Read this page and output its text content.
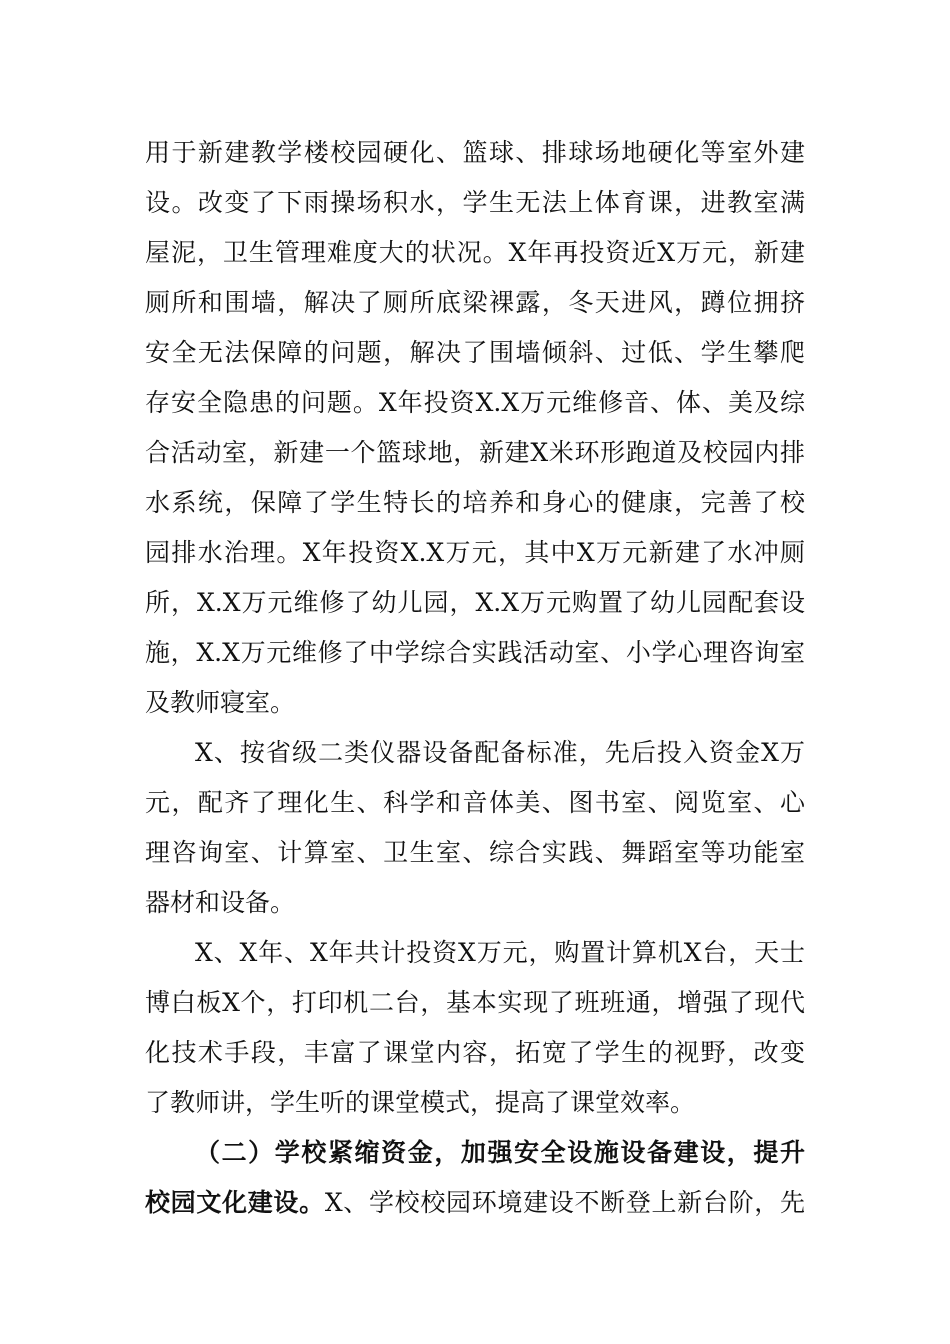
用于新建教学楼校园硬化、篮球、排球场地硬化等室外建
设。改变了下雨操场积水，学生无法上体育课，进教室满
屋泥，卫生管理难度大的状况。X年再投资近X万元，新建
厕所和围墙，解决了厕所底梁裸露，冬天进风，蹲位拥挤
安全无法保障的问题，解决了围墙倾斜、过低、学生攀爬
存安全隐患的问题。X年投资X.X万元维修音、体、美及综
合活动室，新建一个篮球地，新建X米环形跑道及校园内排
水系统，保障了学生特长的培养和身心的健康，完善了校
园排水治理。X年投资X.X万元，其中X万元新建了水冲厕
所，X.X万元维修了幼儿园，X.X万元购置了幼儿园配套设
施，X.X万元维修了中学综合实践活动室、小学心理咨询室
及教师寝室。
X、按省级二类仪器设备配备标准，先后投入资金X万
元，配齐了理化生、科学和音体美、图书室、阅览室、心
理咨询室、计算室、卫生室、综合实践、舞蹈室等功能室
器材和设备。
X、X年、X年共计投资X万元，购置计算机X台，天士
博白板X个，打印机二台，基本实现了班班通，增强了现代
化技术手段，丰富了课堂内容，拓宽了学生的视野，改变
了教师讲，学生听的课堂模式，提高了课堂效率。
（二）学校紧缩资金，加强安全设施设备建设，提升
校园文化建设。X、学校校园环境建设不断登上新台阶，先
